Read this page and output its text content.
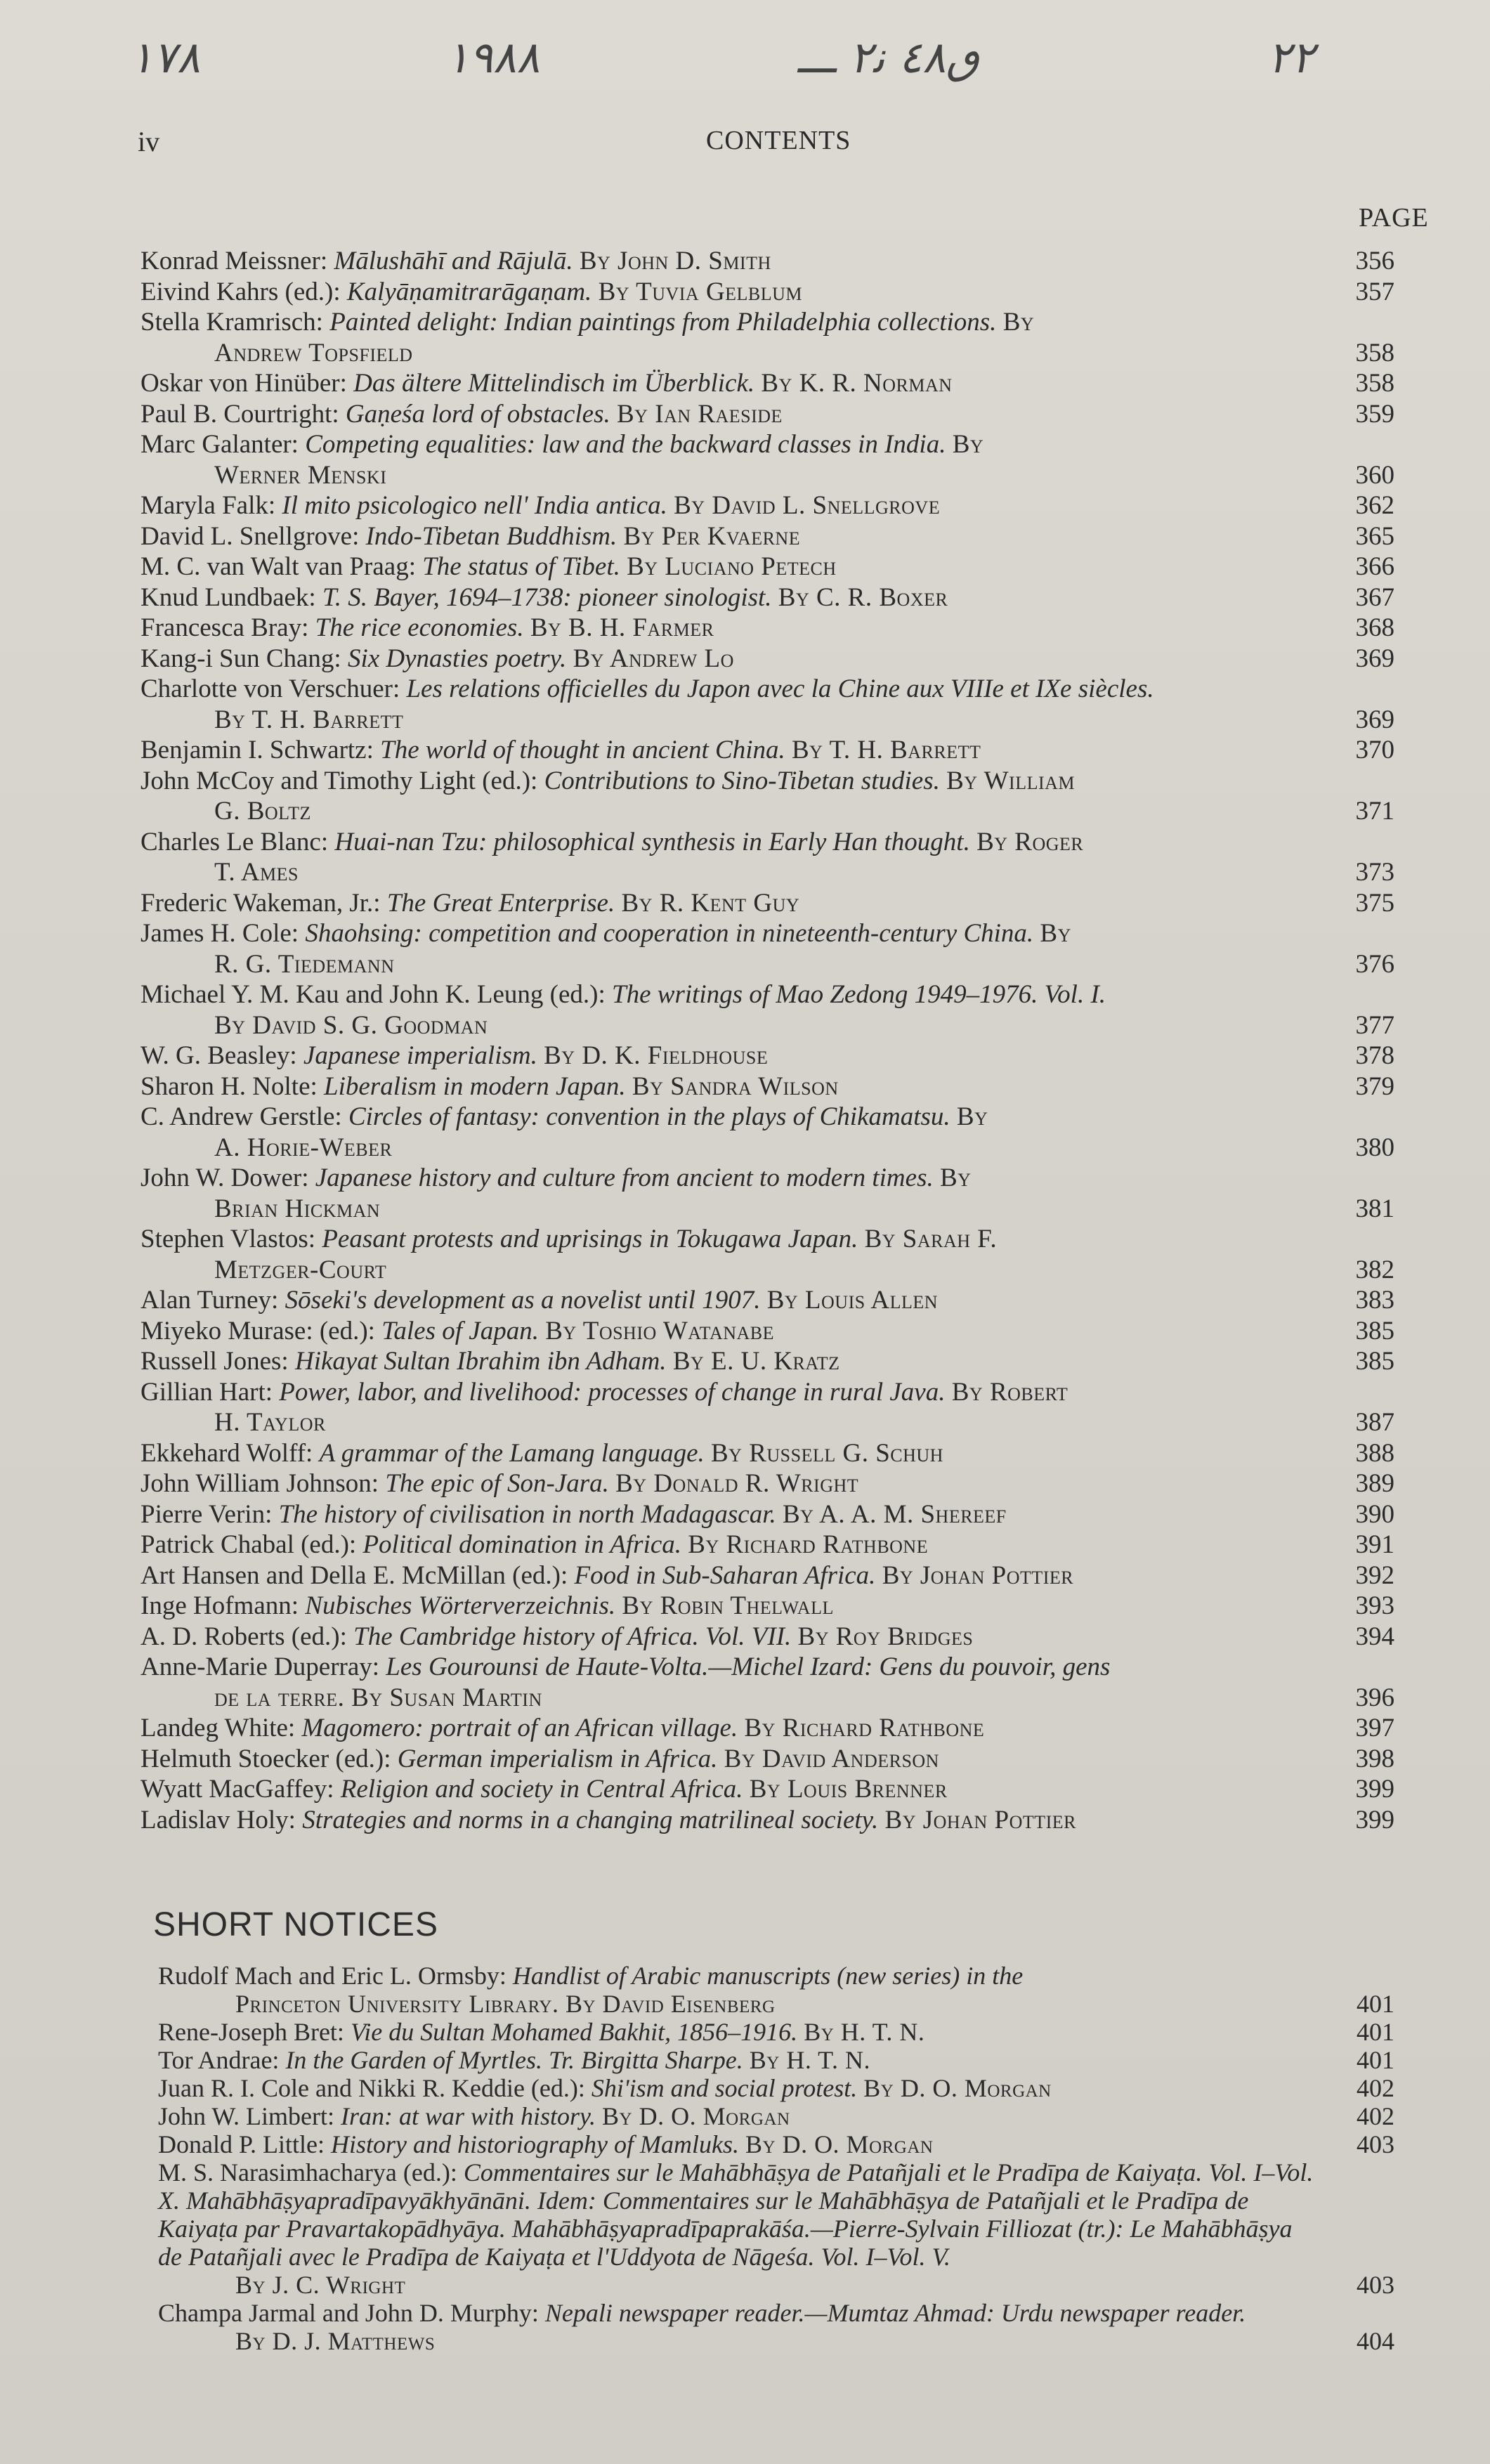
١٧٨	١٩٨٨	ٯ٤٨ ﻧ٢ ـــ	٢٢
iv	CONTENTS
PAGE
Konrad Meissner: Mālushāhī and Rājulā. By John D. Smith	356
Eivind Kahrs (ed.): Kalyāṇamitrarāgaṇam. By Tuvia Gelblum	357
Stella Kramrisch: Painted delight: Indian paintings from Philadelphia collections. By
Andrew Topsfield	358
Oskar von Hinüber: Das ältere Mittelindisch im Überblick. By K. R. Norman	358
Paul B. Courtright: Gaṇeśa lord of obstacles. By Ian Raeside	359
Marc Galanter: Competing equalities: law and the backward classes in India. By
Werner Menski	360
Maryla Falk: Il mito psicologico nell' India antica. By David L. Snellgrove	362
David L. Snellgrove: Indo-Tibetan Buddhism. By Per Kvaerne	365
M. C. van Walt van Praag: The status of Tibet. By Luciano Petech	366
Knud Lundbaek: T. S. Bayer, 1694–1738: pioneer sinologist. By C. R. Boxer	367
Francesca Bray: The rice economies. By B. H. Farmer	368
Kang-i Sun Chang: Six Dynasties poetry. By Andrew Lo	369
Charlotte von Verschuer: Les relations officielles du Japon avec la Chine aux VIIIe et IXe siècles.
By T. H. Barrett	369
Benjamin I. Schwartz: The world of thought in ancient China. By T. H. Barrett	370
John McCoy and Timothy Light (ed.): Contributions to Sino-Tibetan studies. By William
G. Boltz	371
Charles Le Blanc: Huai-nan Tzu: philosophical synthesis in Early Han thought. By Roger
T. Ames	373
Frederic Wakeman, Jr.: The Great Enterprise. By R. Kent Guy	375
James H. Cole: Shaohsing: competition and cooperation in nineteenth-century China. By
R. G. Tiedemann	376
Michael Y. M. Kau and John K. Leung (ed.): The writings of Mao Zedong 1949–1976. Vol. I.
By David S. G. Goodman	377
W. G. Beasley: Japanese imperialism. By D. K. Fieldhouse	378
Sharon H. Nolte: Liberalism in modern Japan. By Sandra Wilson	379
C. Andrew Gerstle: Circles of fantasy: convention in the plays of Chikamatsu. By
A. Horie-Weber	380
John W. Dower: Japanese history and culture from ancient to modern times. By
Brian Hickman	381
Stephen Vlastos: Peasant protests and uprisings in Tokugawa Japan. By Sarah F.
Metzger-Court	382
Alan Turney: Sōseki's development as a novelist until 1907. By Louis Allen	383
Miyeko Murase: (ed.): Tales of Japan. By Toshio Watanabe	385
Russell Jones: Hikayat Sultan Ibrahim ibn Adham. By E. U. Kratz	385
Gillian Hart: Power, labor, and livelihood: processes of change in rural Java. By Robert
H. Taylor	387
Ekkehard Wolff: A grammar of the Lamang language. By Russell G. Schuh	388
John William Johnson: The epic of Son-Jara. By Donald R. Wright	389
Pierre Verin: The history of civilisation in north Madagascar. By A. A. M. Shereef	390
Patrick Chabal (ed.): Political domination in Africa. By Richard Rathbone	391
Art Hansen and Della E. McMillan (ed.): Food in Sub-Saharan Africa. By Johan Pottier	392
Inge Hofmann: Nubisches Wörterverzeichnis. By Robin Thelwall	393
A. D. Roberts (ed.): The Cambridge history of Africa. Vol. VII. By Roy Bridges	394
Anne-Marie Duperray: Les Gourounsi de Haute-Volta.—Michel Izard: Gens du pouvoir, gens
de la terre. By Susan Martin	396
Landeg White: Magomero: portrait of an African village. By Richard Rathbone	397
Helmuth Stoecker (ed.): German imperialism in Africa. By David Anderson	398
Wyatt MacGaffey: Religion and society in Central Africa. By Louis Brenner	399
Ladislav Holy: Strategies and norms in a changing matrilineal society. By Johan Pottier	399
SHORT NOTICES
Rudolf Mach and Eric L. Ormsby: Handlist of Arabic manuscripts (new series) in the
Princeton University Library. By David Eisenberg	401
Rene-Joseph Bret: Vie du Sultan Mohamed Bakhit, 1856–1916. By H. T. N.	401
Tor Andrae: In the Garden of Myrtles. Tr. Birgitta Sharpe. By H. T. N.	401
Juan R. I. Cole and Nikki R. Keddie (ed.): Shi'ism and social protest. By D. O. Morgan	402
John W. Limbert: Iran: at war with history. By D. O. Morgan	402
Donald P. Little: History and historiography of Mamluks. By D. O. Morgan	403
M. S. Narasimhacharya (ed.): Commentaires sur le Mahābhāṣya de Patañjali et le Pradīpa de Kaiyaṭa. Vol. I–Vol. X. Mahābhāṣyapradīpavyākhyānāni. Idem: Commentaires sur le Mahābhāṣya de Patañjali et le Pradīpa de Kaiyaṭa par Pravartakopādhyāya. Mahābhāṣyapradīpaprakāśa.—Pierre-Sylvain Filliozat (tr.): Le Mahābhāṣya de Patañjali avec le Pradīpa de Kaiyaṭa et l'Uddyota de Nāgeśa. Vol. I–Vol. V.
By J. C. Wright	403
Champa Jarmal and John D. Murphy: Nepali newspaper reader.—Mumtaz Ahmad: Urdu newspaper reader.
By D. J. Matthews	404
